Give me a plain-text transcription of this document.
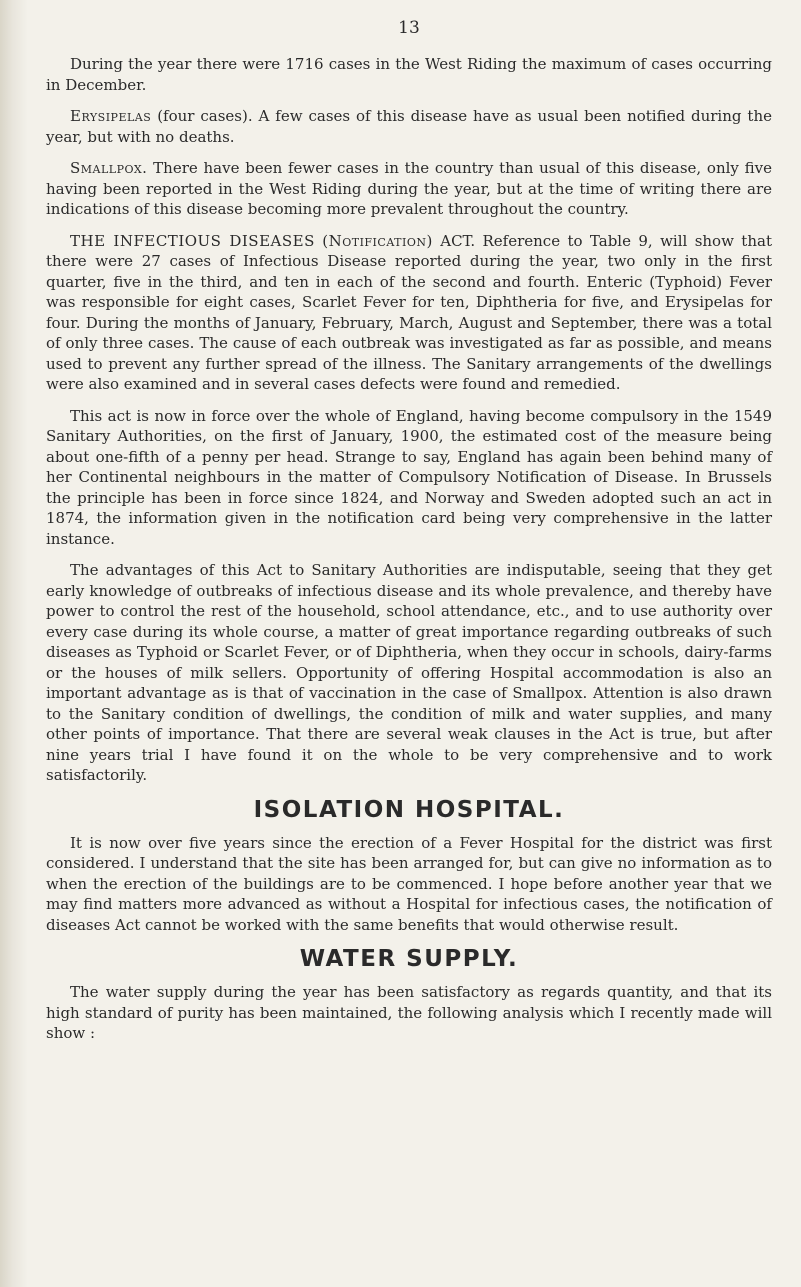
13

During the year there were 1716 cases in the West Riding the maximum of cases occurring in December.

Erysipelas (four cases). A few cases of this disease have as usual been notified during the year, but with no deaths.

Smallpox. There have been fewer cases in the country than usual of this disease, only five having been reported in the West Riding during the year, but at the time of writing there are indications of this disease becoming more prevalent throughout the country.

THE INFECTIOUS DISEASES (Notification) ACT. Reference to Table 9, will show that there were 27 cases of Infectious Disease reported during the year, two only in the first quarter, five in the third, and ten in each of the second and fourth. Enteric (Typhoid) Fever was responsible for eight cases, Scarlet Fever for ten, Diphtheria for five, and Erysipelas for four. During the months of January, February, March, August and September, there was a total of only three cases. The cause of each outbreak was investigated as far as possible, and means used to prevent any further spread of the illness. The Sanitary arrangements of the dwellings were also examined and in several cases defects were found and remedied.

This act is now in force over the whole of England, having become compulsory in the 1549 Sanitary Authorities, on the first of January, 1900, the estimated cost of the measure being about one-fifth of a penny per head. Strange to say, England has again been behind many of her Continental neighbours in the matter of Compulsory Notification of Disease. In Brussels the principle has been in force since 1824, and Norway and Sweden adopted such an act in 1874, the information given in the notification card being very comprehensive in the latter instance.

The advantages of this Act to Sanitary Authorities are indisputable, seeing that they get early knowledge of outbreaks of infectious disease and its whole prevalence, and thereby have power to control the rest of the household, school attendance, etc., and to use authority over every case during its whole course, a matter of great importance regarding outbreaks of such diseases as Typhoid or Scarlet Fever, or of Diphtheria, when they occur in schools, dairy-farms or the houses of milk sellers. Opportunity of offering Hospital accommodation is also an important advantage as is that of vaccination in the case of Smallpox. Attention is also drawn to the Sanitary condition of dwellings, the condition of milk and water supplies, and many other points of importance. That there are several weak clauses in the Act is true, but after nine years trial I have found it on the whole to be very comprehensive and to work satisfactorily.

ISOLATION HOSPITAL.

It is now over five years since the erection of a Fever Hospital for the district was first considered. I understand that the site has been arranged for, but can give no information as to when the erection of the buildings are to be commenced. I hope before another year that we may find matters more advanced as without a Hospital for infectious cases, the notification of diseases Act cannot be worked with the same benefits that would otherwise result.

WATER SUPPLY.

The water supply during the year has been satisfactory as regards quantity, and that its high standard of purity has been maintained, the following analysis which I recently made will show :
